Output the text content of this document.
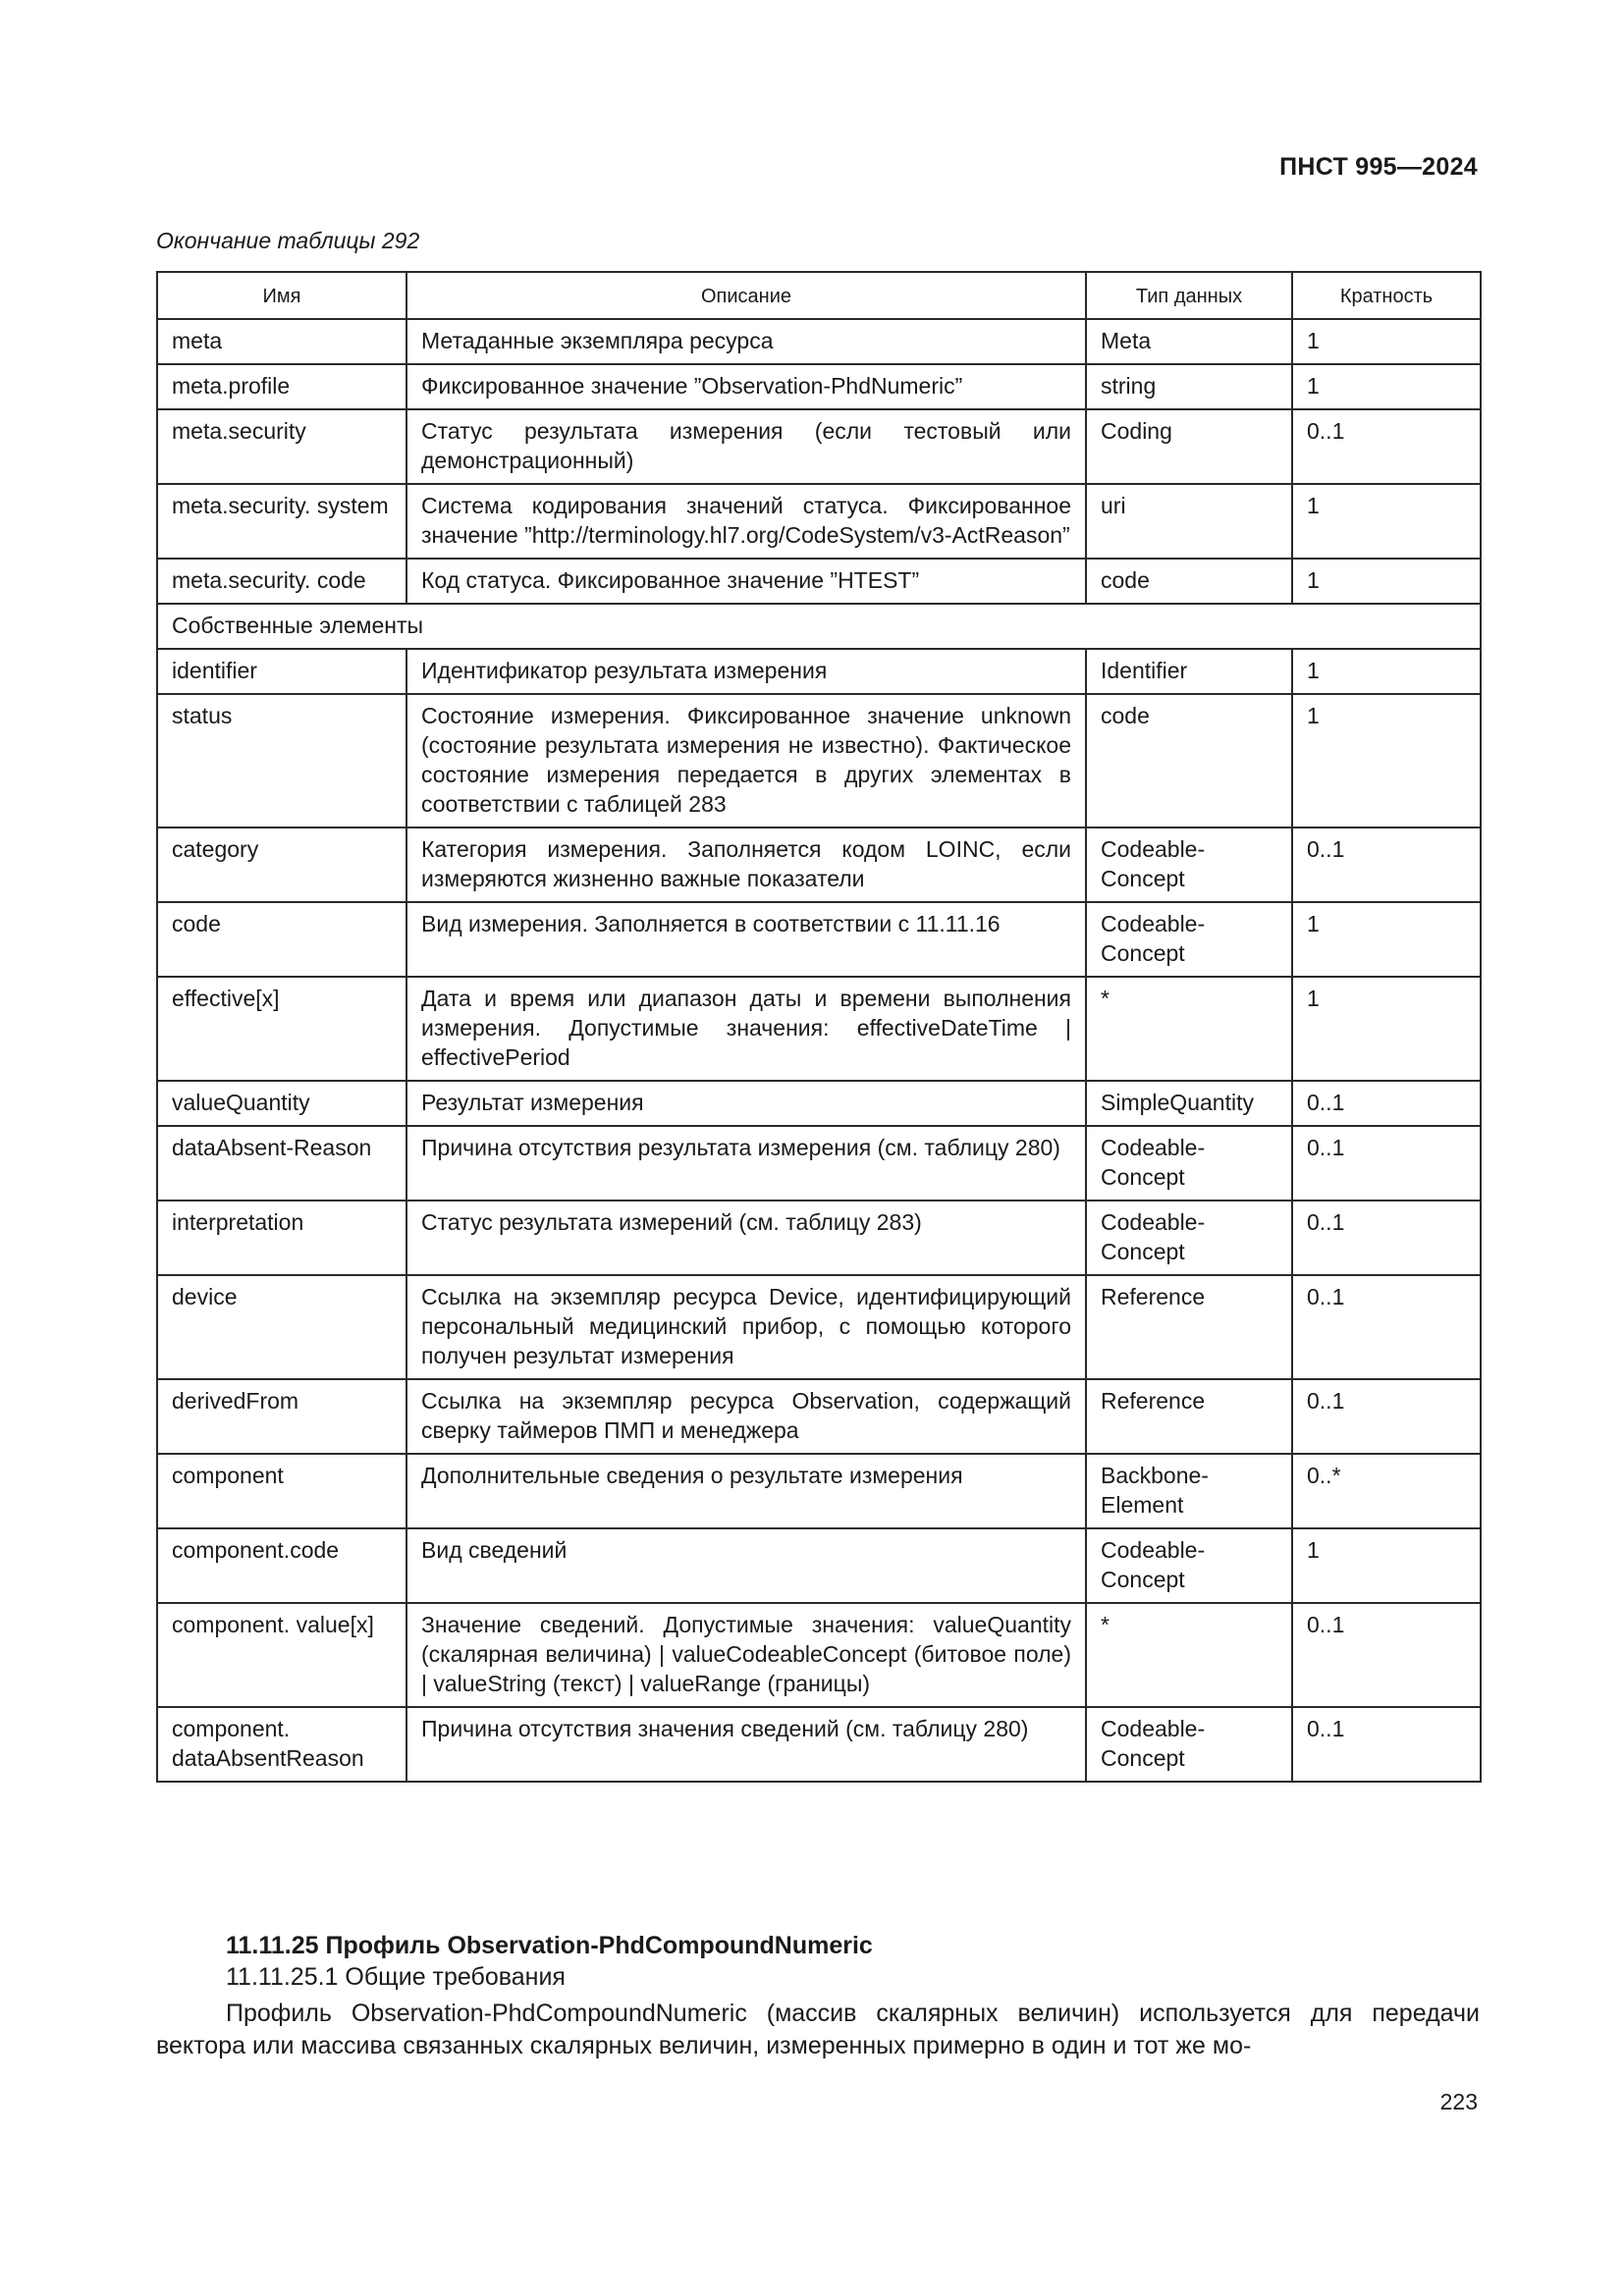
ПНСТ 995—2024
Окончание таблицы 292
Имя	Описание	Тип данных	Кратность
meta	Метаданные экземпляра ресурса	Meta	1
meta.profile	Фиксированное значение ”Observation-PhdNumeric”	string	1
meta.security	Статус результата измерения (если тестовый или демонстрационный)	Coding	0..1
meta.security. system	Система кодирования значений статуса. Фиксированное значение ”http://terminology.hl7.org/CodeSystem/v3-ActReason”	uri	1
meta.security. code	Код статуса. Фиксированное значение ”HTEST”	code	1
Собственные элементы			
identifier	Идентификатор результата измерения	Identifier	1
status	Состояние измерения. Фиксированное значение unknown (состояние результата измерения не известно). Фактическое состояние измерения передается в других элементах в соответствии с таблицей 283	code	1
category	Категория измерения. Заполняется кодом LOINC, если измеряются жизненно важные показатели	Codeable-Concept	0..1
code	Вид измерения. Заполняется в соответствии с 11.11.16	Codeable-Concept	1
effective[x]	Дата и время или диапазон даты и времени выполнения измерения. Допустимые значения: effectiveDateTime | effectivePeriod	*	1
valueQuantity	Результат измерения	SimpleQuantity	0..1
dataAbsent-Reason	Причина отсутствия результата измерения (см. таблицу 280)	Codeable-Concept	0..1
interpretation	Статус результата измерений (см. таблицу 283)	Codeable-Concept	0..1
device	Ссылка на экземпляр ресурса Device, идентифицирующий персональный медицинский прибор, с помощью которого получен результат измерения	Reference	0..1
derivedFrom	Ссылка на экземпляр ресурса Observation, содержащий сверку таймеров ПМП и менеджера	Reference	0..1
component	Дополнительные сведения о результате измерения	Backbone-Element	0..*
component.code	Вид сведений	Codeable-Concept	1
component. value[x]	Значение сведений. Допустимые значения: valueQuantity (скалярная величина) | valueCodeableConcept (битовое поле) | valueString (текст) | valueRange (границы)	*	0..1
component. dataAbsentReason	Причина отсутствия значения сведений (см. таблицу 280)	Codeable-Concept	0..1
11.11.25 Профиль Observation-PhdCompoundNumeric
11.11.25.1 Общие требования
Профиль Observation-PhdCompoundNumeric (массив скалярных величин) используется для передачи вектора или массива связанных скалярных величин, измеренных примерно в один и тот же мо-
223
